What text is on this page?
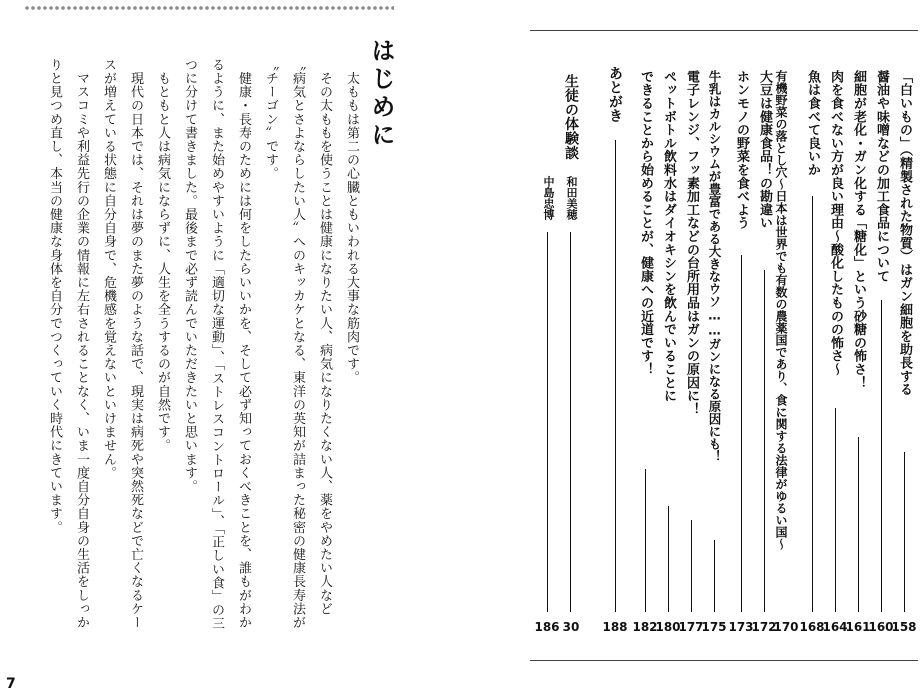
はじめに

　太ももは第二の心臓ともいわれる大事な筋肉です。

　その太ももを使うことは健康になりたい人、病気になりたくない人、薬をやめたい人など〝病気とさよならしたい人〟へのキッカケとなる、東洋の英知が詰まった秘密の健康長寿法が〝チーゴン〟です。

　健康・長寿のためには何をしたらいいかを、そして必ず知っておくべきことを、誰もがわかるように、また始めやすいように「適切な運動」、「ストレスコントロール」、「正しい食」の三つに分けて書きました。最後まで必ず読んでいただきたいと思います。

　もともと人は病気にならずに、人生を全うするのが自然です。

　現代の日本では、それは夢のまた夢のような話で、現実は病死や突然死などで亡くなるケースが増えている状態に自分自身で、危機感を覚えないといけません。

　マスコミや利益先行の企業の情報に左右されることなく、いま一度自分自身の生活をしっかりと見つめ直し、本当の健康な身体を自分でつくっていく時代にきています。

7
「白いもの」（精製された物質）はガン細胞を助長する
158
醤油や味噌などの加工食品について
160
細胞が老化・ガン化する「糖化」という砂糖の怖さ！
161
肉を食べない方が良い理由〜酸化したものの怖さ〜
164
魚は食べて良いか
168
有機野菜の落とし穴〜日本は世界でも有数の農薬国であり、食に関する法律がゆるい国〜
170
大豆は健康食品！の勘違い
172
ホンモノの野菜を食べよう
173
牛乳はカルシウムが豊富である大きなウソ……ガンになる原因にも！
175
電子レンジ、フッ素加工などの台所用品はガンの原因に！
177
ペットボトル飲料水はダイオキシンを飲んでいることに
180
できることから始めることが、健康への近道です！
182
あとがき
188
生徒の体験談
和田美穂
30
中島忠博
186
